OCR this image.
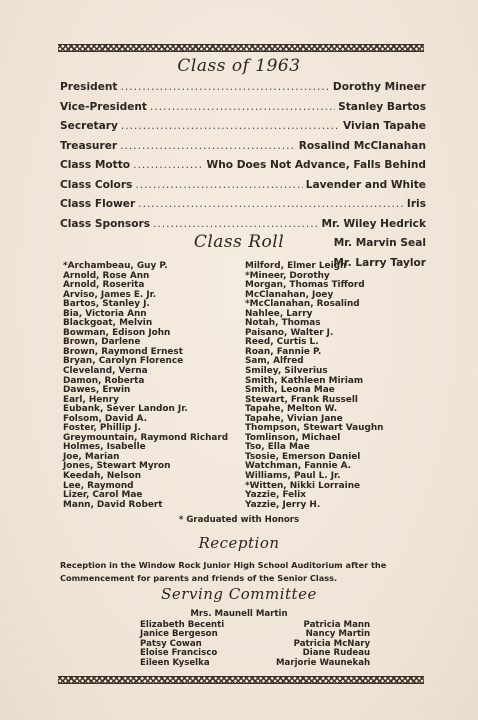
Class of 1963
President .....	Dorothy Mineer
Vice-President .....	Stanley Bartos
Secretary .....	Vivian Tapahe
Treasurer .....	Rosalind McClanahan
Class Motto .....	Who Does Not Advance, Falls Behind
Class Colors .....	Lavender and White
Class Flower .....	Iris
Class Sponsors .....	Mr. Wiley Hedrick
Mr. Marvin Seal
Mr. Larry Taylor
Class Roll
*Archambeau, Guy P.
Arnold, Rose Ann
Arnold, Roserita
Arviso, James E. Jr.
Bartos, Stanley J.
Bia, Victoria Ann
Blackgoat, Melvin
Bowman, Edison John
Brown, Darlene
Brown, Raymond Ernest
Bryan, Carolyn Florence
Cleveland, Verna
Damon, Roberta
Dawes, Erwin
Earl, Henry
Eubank, Sever Landon Jr.
Folsom, David A.
Foster, Phillip J.
Greymountain, Raymond Richard
Holmes, Isabelle
Joe, Marian
Jones, Stewart Myron
Keedah, Nelson
Lee, Raymond
Lizer, Carol Mae
Mann, David Robert
Milford, Elmer Leigh
*Mineer, Dorothy
Morgan, Thomas Tifford
McClanahan, Joey
*McClanahan, Rosalind
Nahlee, Larry
Notah, Thomas
Paisano, Walter J.
Reed, Curtis L.
Roan, Fannie P.
Sam, Alfred
Smiley, Silverius
Smith, Kathleen Miriam
Smith, Leona Mae
Stewart, Frank Russell
Tapahe, Melton W.
Tapahe, Vivian Jane
Thompson, Stewart Vaughn
Tomlinson, Michael
Tso, Ella Mae
Tsosie, Emerson Daniel
Watchman, Fannie A.
Williams, Paul L. Jr.
*Witten, Nikki Lorraine
Yazzie, Felix
Yazzie, Jerry H.
* Graduated with Honors
Reception
Reception in the Window Rock Junior High School Auditorium after the Commencement for parents and friends of the Senior Class.
Serving Committee
Mrs. Maunell Martin
Elizabeth Becenti
Janice Bergeson
Patsy Cowan
Eloise Francisco
Eileen Kyselka
Patricia Mann
Nancy Martin
Patricia McNary
Diane Rudeau
Marjorie Waunekah
